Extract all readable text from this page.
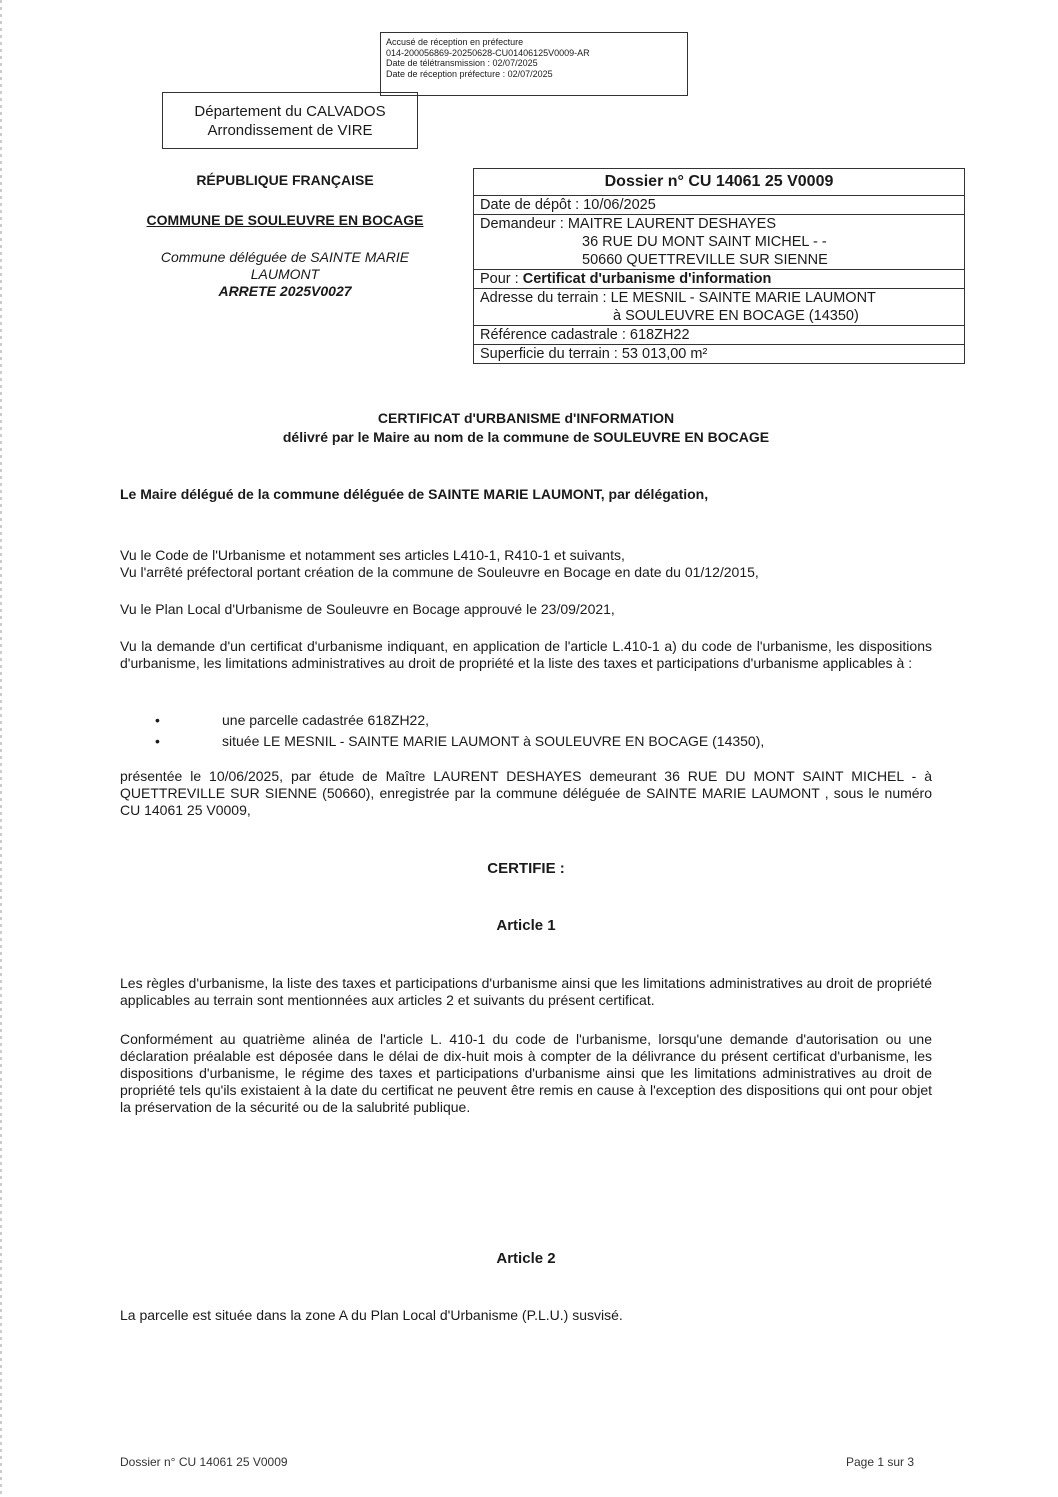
Accusé de réception en préfecture
014-200056869-20250628-CU01406125V0009-AR
Date de télétransmission : 02/07/2025
Date de réception préfecture : 02/07/2025
Département du CALVADOS
Arrondissement de VIRE
RÉPUBLIQUE FRANÇAISE
COMMUNE DE SOULEUVRE EN BOCAGE
Commune déléguée de SAINTE MARIE
LAUMONT
ARRETE 2025V0027
Dossier n° CU 14061 25 V0009
Date de dépôt : 10/06/2025
Demandeur : MAITRE LAURENT DESHAYES
36 RUE DU MONT SAINT MICHEL - -
50660 QUETTREVILLE SUR SIENNE
Pour : Certificat d'urbanisme d'information
Adresse du terrain : LE MESNIL - SAINTE MARIE LAUMONT
à SOULEUVRE EN BOCAGE (14350)
Référence cadastrale : 618ZH22
Superficie du terrain : 53 013,00 m²
CERTIFICAT d'URBANISME d'INFORMATION
délivré par le Maire au nom de la commune de SOULEUVRE EN BOCAGE
Le Maire délégué de la commune déléguée de SAINTE MARIE LAUMONT, par délégation,
Vu le Code de l'Urbanisme et notamment ses articles L410-1, R410-1 et suivants,
Vu l'arrêté préfectoral portant création de la commune de Souleuvre en Bocage en date du 01/12/2015,
Vu le Plan Local d'Urbanisme de Souleuvre en Bocage approuvé le 23/09/2021,
Vu la demande d'un certificat d'urbanisme indiquant, en application de l'article L.410-1 a) du code de l'urbanisme, les dispositions d'urbanisme, les limitations administratives au droit de propriété et la liste des taxes et participations d'urbanisme applicables à :
•	une parcelle cadastrée 618ZH22,
•	située LE MESNIL - SAINTE MARIE LAUMONT à SOULEUVRE EN BOCAGE (14350),
présentée le 10/06/2025, par étude de Maître LAURENT DESHAYES demeurant 36 RUE DU MONT SAINT MICHEL - à QUETTREVILLE SUR SIENNE (50660), enregistrée par la commune déléguée de SAINTE MARIE LAUMONT , sous le numéro CU 14061 25 V0009,
CERTIFIE :
Article 1
Les règles d'urbanisme, la liste des taxes et participations d'urbanisme ainsi que les limitations administratives au droit de propriété applicables au terrain sont mentionnées aux articles 2 et suivants du présent certificat.
Conformément au quatrième alinéa de l'article L. 410-1 du code de l'urbanisme, lorsqu'une demande d'autorisation ou une déclaration préalable est déposée dans le délai de dix-huit mois à compter de la délivrance du présent certificat d'urbanisme, les dispositions d'urbanisme, le régime des taxes et participations d'urbanisme ainsi que les limitations administratives au droit de propriété tels qu'ils existaient à la date du certificat ne peuvent être remis en cause à l'exception des dispositions qui ont pour objet la préservation de la sécurité ou de la salubrité publique.
Article 2
La parcelle est située dans la zone A du Plan Local d'Urbanisme (P.L.U.) susvisé.
Dossier n° CU 14061 25 V0009	Page 1 sur 3
